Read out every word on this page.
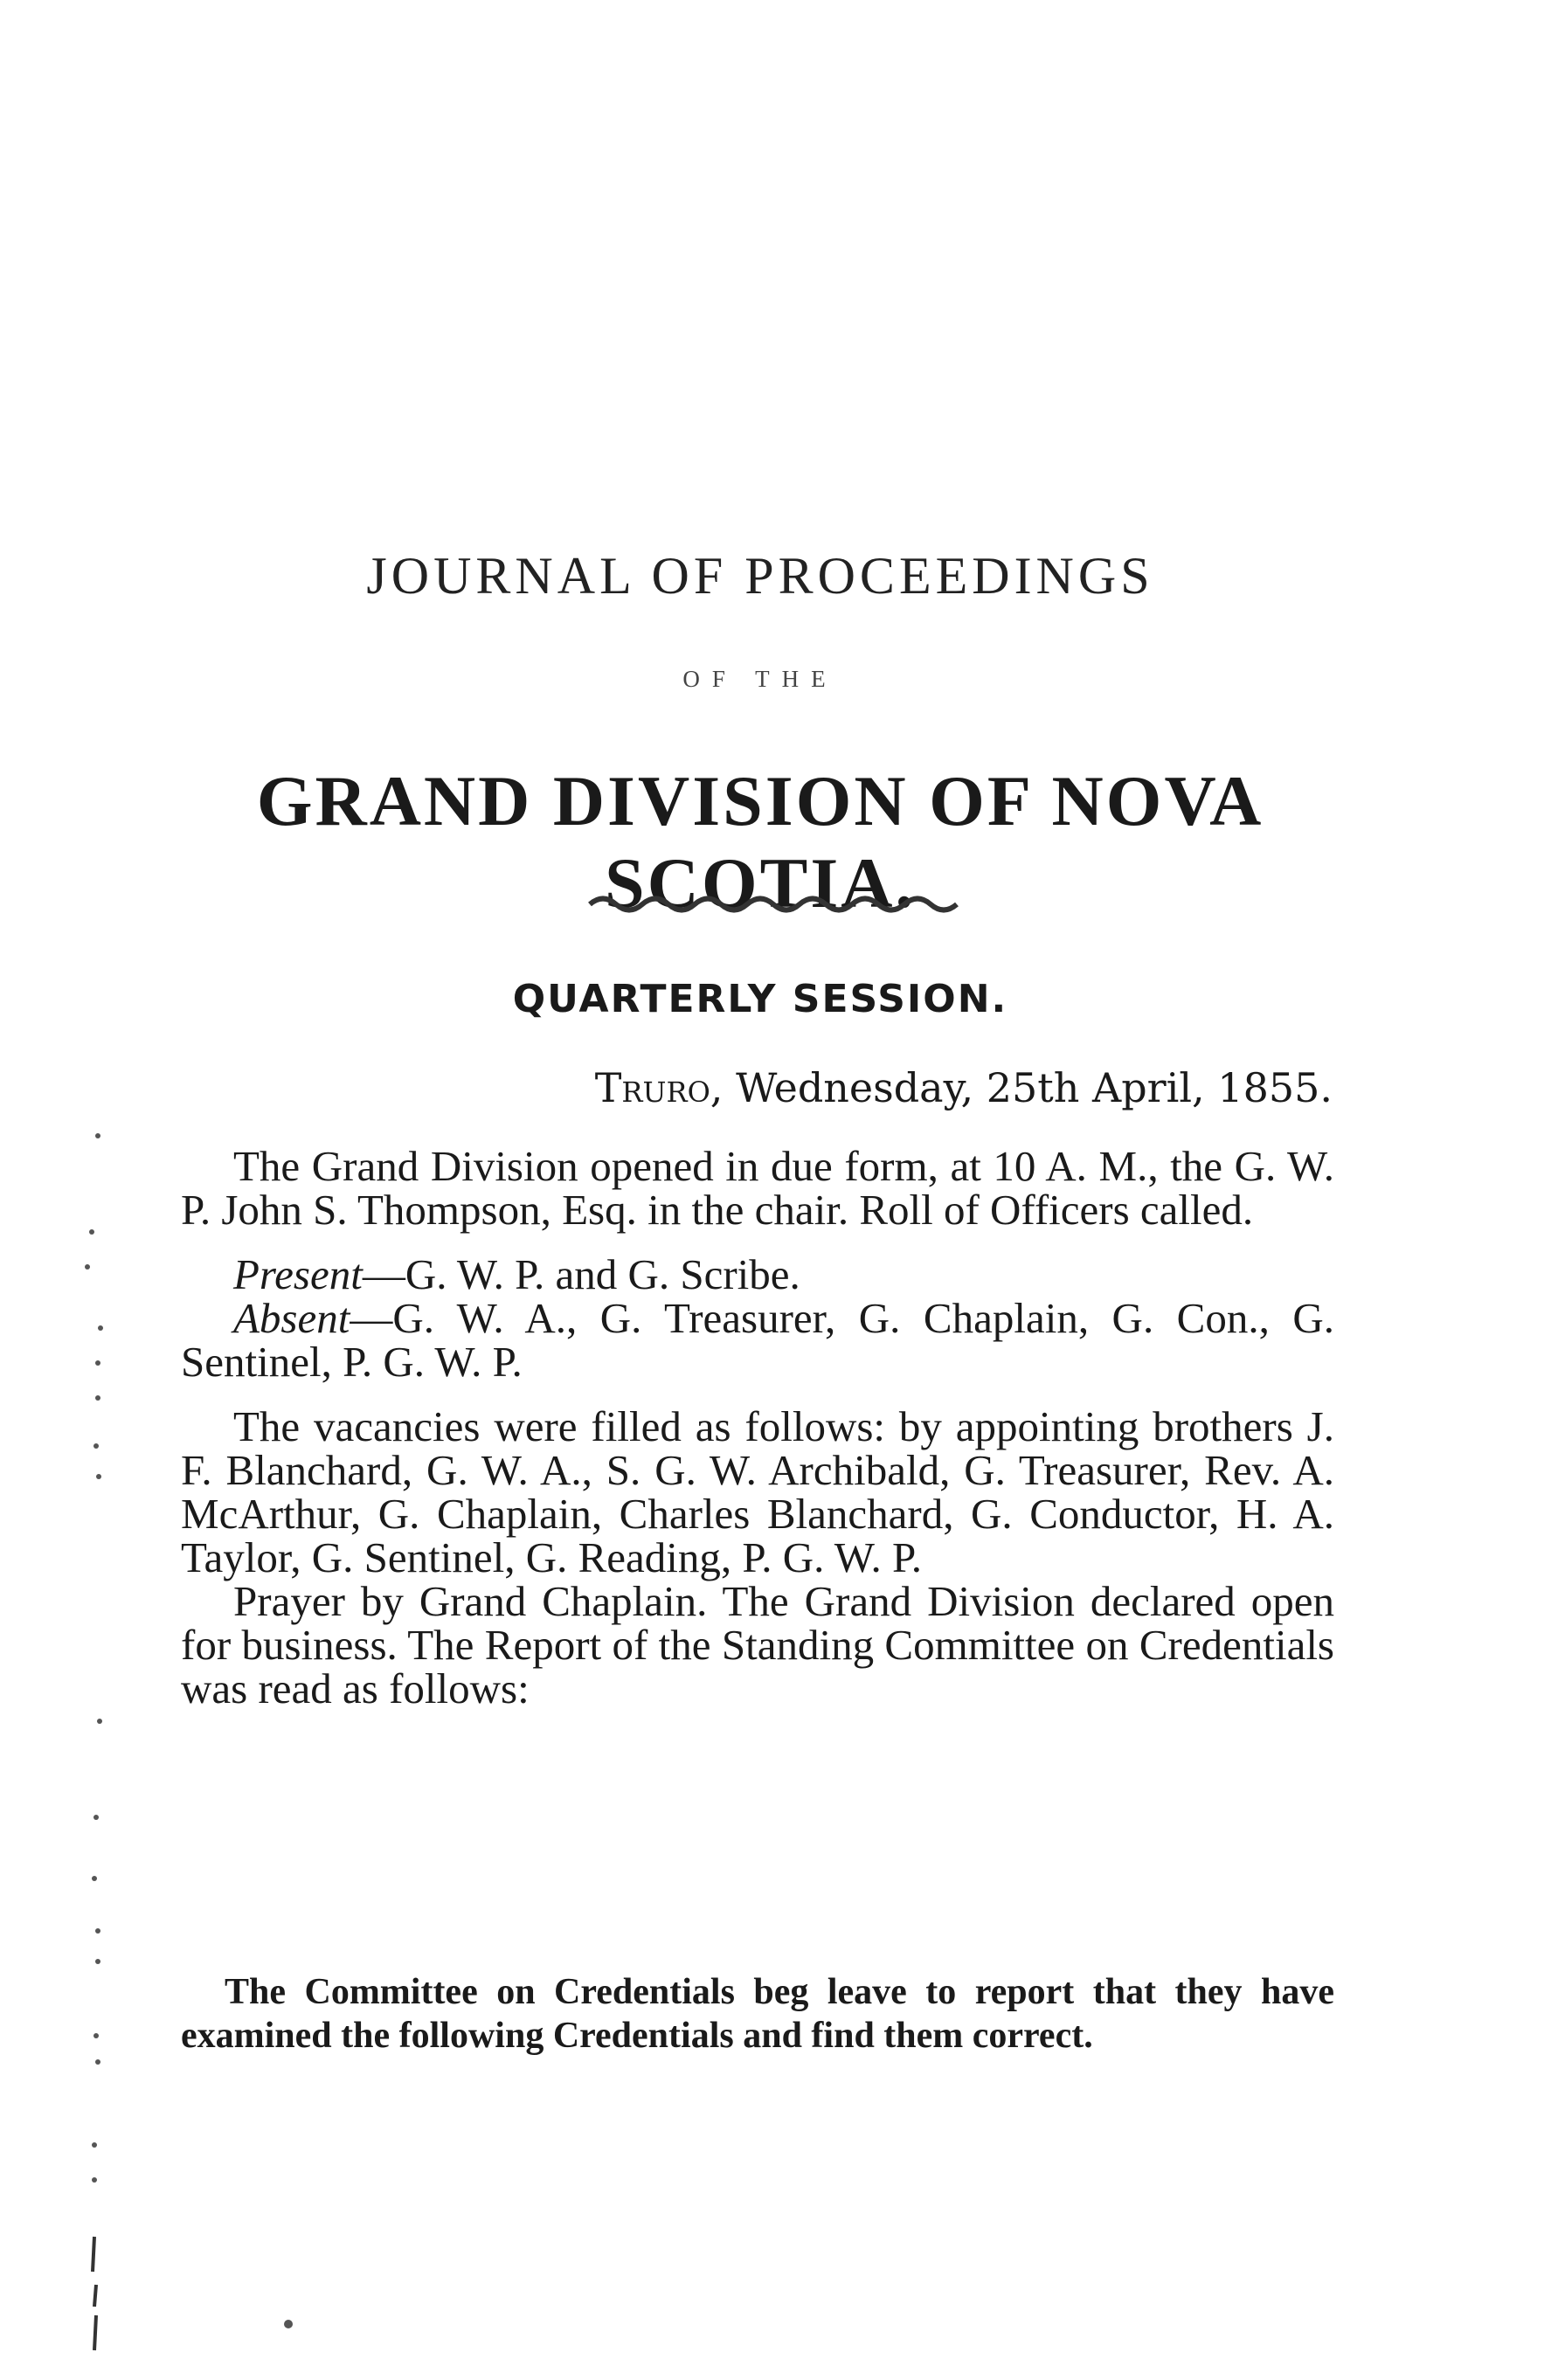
JOURNAL OF PROCEEDINGS
OF THE
GRAND DIVISION OF NOVA SCOTIA.
QUARTERLY SESSION.
Truro, Wednesday, 25th April, 1855.

The Grand Division opened in due form, at 10 A. M., the G. W. P. John S. Thompson, Esq. in the chair. Roll of Officers called.

Present—G. W. P. and G. Scribe.

Absent—G. W. A., G. Treasurer, G. Chaplain, G. Con., G. Sentinel, P. G. W. P.

The vacancies were filled as follows: by appointing brothers J. F. Blanchard, G. W. A., S. G. W. Archibald, G. Treasurer, Rev. A. McArthur, G. Chaplain, Charles Blanchard, G. Conductor, H. A. Taylor, G. Sentinel, G. Reading, P. G. W. P.

Prayer by Grand Chaplain. The Grand Division declared open for business. The Report of the Standing Committee on Credentials was read as follows:

The Committee on Credentials beg leave to report that they have examined the following Credentials and find them correct.
